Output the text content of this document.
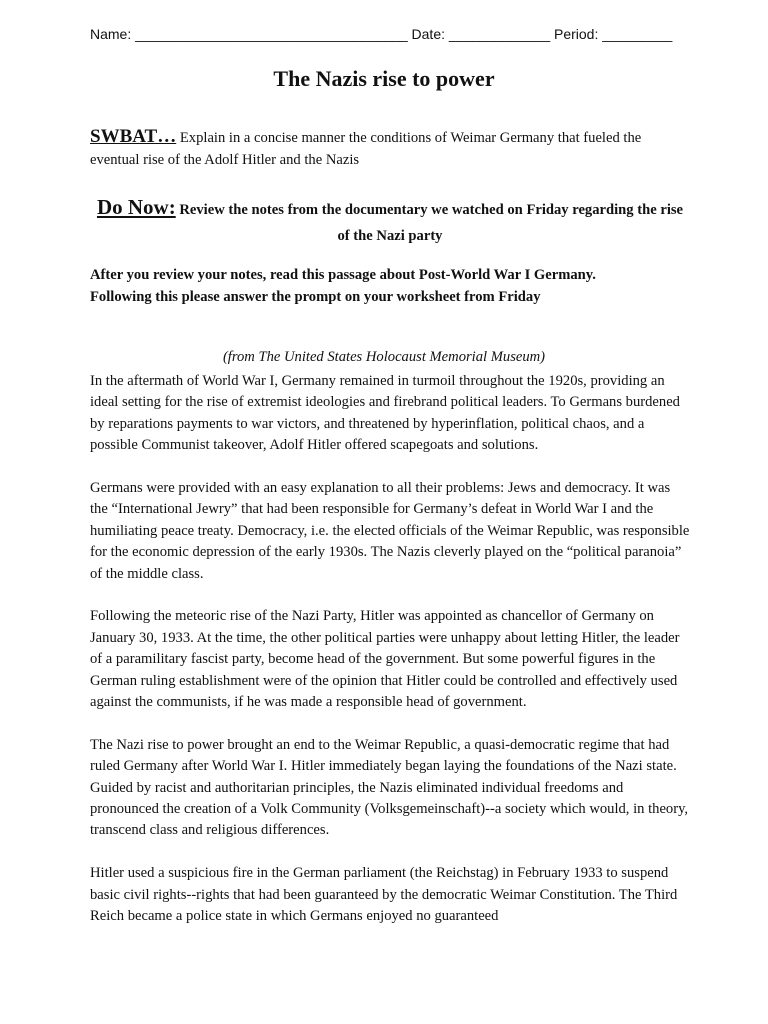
Name: ___________________________________ Date: _____________ Period: _________
The Nazis rise to power
SWBAT… Explain in a concise manner the conditions of Weimar Germany that fueled the eventual rise of the Adolf Hitler and the Nazis
Do Now: Review the notes from the documentary we watched on Friday regarding the rise of the Nazi party
After you review your notes, read this passage about Post-World War I Germany.
Following this please answer the prompt on your worksheet from Friday
(from The United States Holocaust Memorial Museum)

In the aftermath of World War I, Germany remained in turmoil throughout the 1920s, providing an ideal setting for the rise of extremist ideologies and firebrand political leaders. To Germans burdened by reparations payments to war victors, and threatened by hyperinflation, political chaos, and a possible Communist takeover, Adolf Hitler offered scapegoats and solutions.

Germans were provided with an easy explanation to all their problems: Jews and democracy. It was the “International Jewry” that had been responsible for Germany’s defeat in World War I and the humiliating peace treaty. Democracy, i.e. the elected officials of the Weimar Republic, was responsible for the economic depression of the early 1930s. The Nazis cleverly played on the “political paranoia” of the middle class.

Following the meteoric rise of the Nazi Party, Hitler was appointed as chancellor of Germany on January 30, 1933. At the time, the other political parties were unhappy about letting Hitler, the leader of a paramilitary fascist party, become head of the government. But some powerful figures in the German ruling establishment were of the opinion that Hitler could be controlled and effectively used against the communists, if he was made a responsible head of government.

The Nazi rise to power brought an end to the Weimar Republic, a quasi-democratic regime that had ruled Germany after World War I. Hitler immediately began laying the foundations of the Nazi state. Guided by racist and authoritarian principles, the Nazis eliminated individual freedoms and pronounced the creation of a Volk Community (Volksgemeinschaft)--a society which would, in theory, transcend class and religious differences.

Hitler used a suspicious fire in the German parliament (the Reichstag) in February 1933 to suspend basic civil rights--rights that had been guaranteed by the democratic Weimar Constitution. The Third Reich became a police state in which Germans enjoyed no guaranteed
